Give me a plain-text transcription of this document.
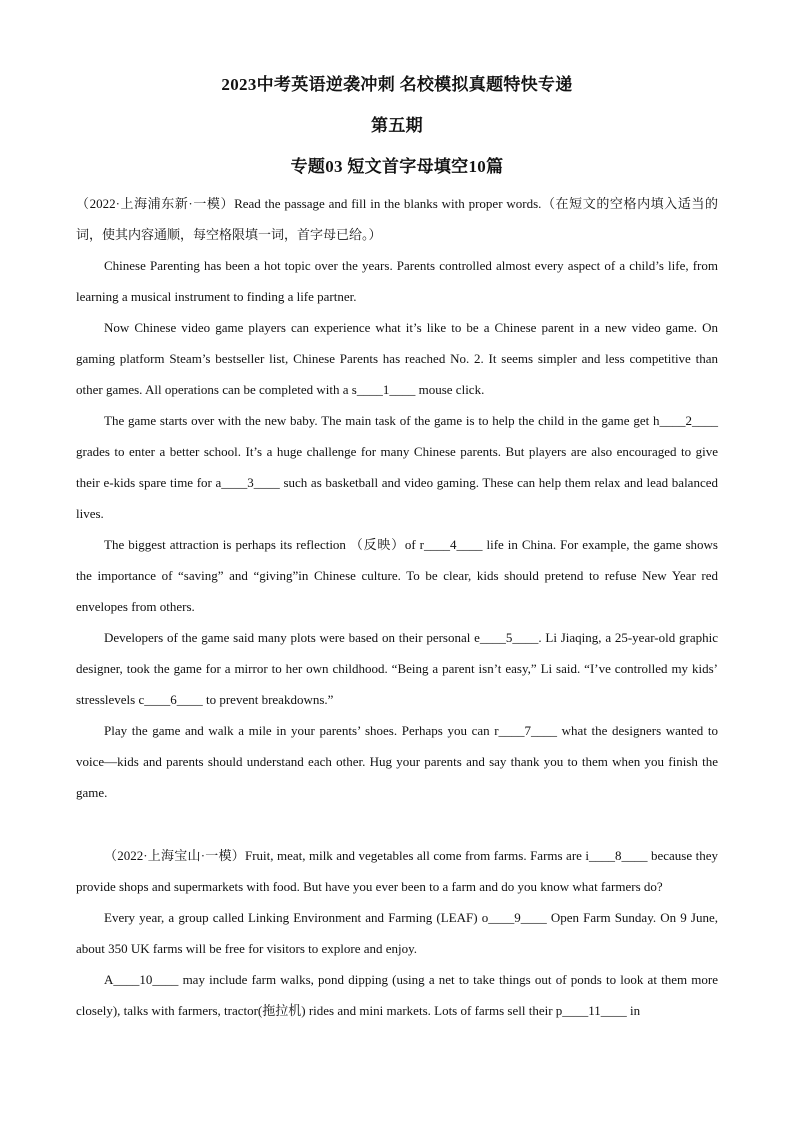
2023中考英语逆袭冲刺 名校模拟真题特快专递
第五期
专题03 短文首字母填空10篇

（2022·上海浦东新·一模）Read the passage and fill in the blanks with proper words.（在短文的空格内填入适当的词，使其内容通顺，每空格限填一词，首字母已给。）

Chinese Parenting has been a hot topic over the years. Parents controlled almost every aspect of a child’s life, from learning a musical instrument to finding a life partner.

Now Chinese video game players can experience what it’s like to be a Chinese parent in a new video game. On gaming platform Steam’s bestseller list, Chinese Parents has reached No. 2. It seems simpler and less competitive than other games. All operations can be completed with a s____1____ mouse click.

The game starts over with the new baby. The main task of the game is to help the child in the game get h____2____ grades to enter a better school. It’s a huge challenge for many Chinese parents. But players are also encouraged to give their e-kids spare time for a____3____ such as basketball and video gaming. These can help them relax and lead balanced lives.

The biggest attraction is perhaps its reflection （反映）of r____4____ life in China. For example, the game shows the importance of “saving” and “giving”in Chinese culture. To be clear, kids should pretend to refuse New Year red envelopes from others.

Developers of the game said many plots were based on their personal e____5____. Li Jiaqing, a 25-year-old graphic designer, took the game for a mirror to her own childhood. “Being a parent isn’t easy,” Li said. “I’ve controlled my kids’ stresslevels c____6____ to prevent breakdowns.”

Play the game and walk a mile in your parents’ shoes. Perhaps you can r____7____ what the designers wanted to voice—kids and parents should understand each other. Hug your parents and say thank you to them when you finish the game.

（2022·上海宝山·一模）Fruit, meat, milk and vegetables all come from farms. Farms are i____8____ because they provide shops and supermarkets with food. But have you ever been to a farm and do you know what farmers do?

Every year, a group called Linking Environment and Farming (LEAF) o____9____ Open Farm Sunday. On 9 June, about 350 UK farms will be free for visitors to explore and enjoy.

A____10____ may include farm walks, pond dipping (using a net to take things out of ponds to look at them more closely), talks with farmers, tractor(拖拉机) rides and mini markets. Lots of farms sell their p____11____ in
